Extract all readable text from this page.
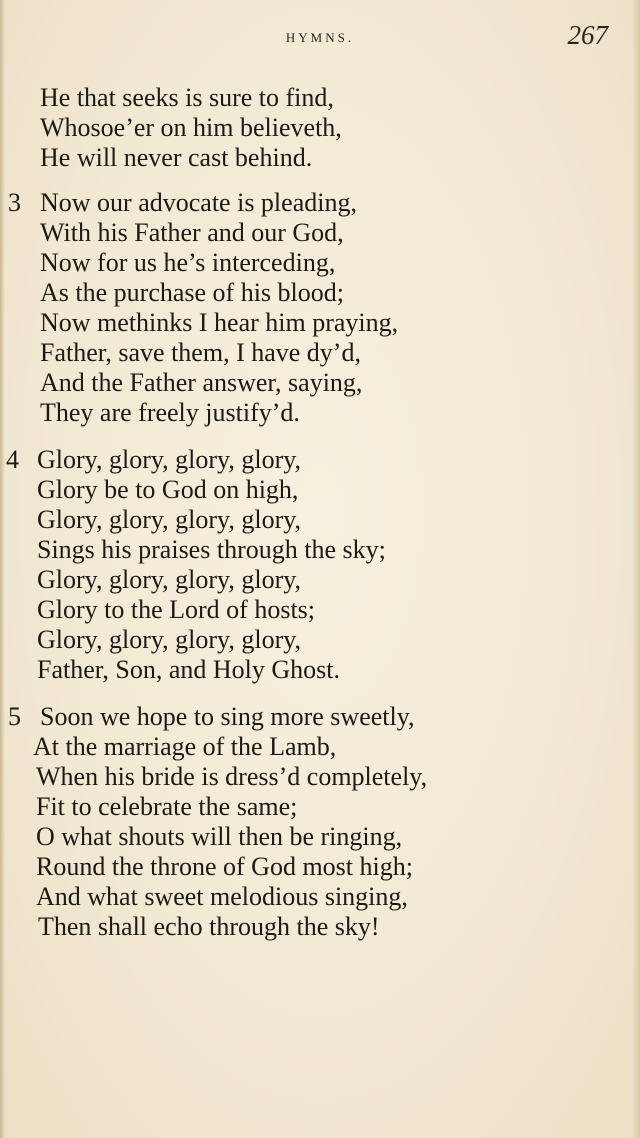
HYMNS.	267
He that seeks is sure to find,
Whosoe’er on him believeth,
He will never cast behind.
3 Now our advocate is pleading,
With his Father and our God,
Now for us he’s interceding,
As the purchase of his blood;
Now methinks I hear him praying,
Father, save them, I have dy’d,
And the Father answer, saying,
They are freely justify’d.
4 Glory, glory, glory, glory,
Glory be to God on high,
Glory, glory, glory, glory,
Sings his praises through the sky;
Glory, glory, glory, glory,
Glory to the Lord of hosts;
Glory, glory, glory, glory,
Father, Son, and Holy Ghost.
5 Soon we hope to sing more sweetly,
At the marriage of the Lamb,
When his bride is dress’d completely,
Fit to celebrate the same;
O what shouts will then be ringing,
Round the throne of God most high;
And what sweet melodious singing,
Then shall echo through the sky!
